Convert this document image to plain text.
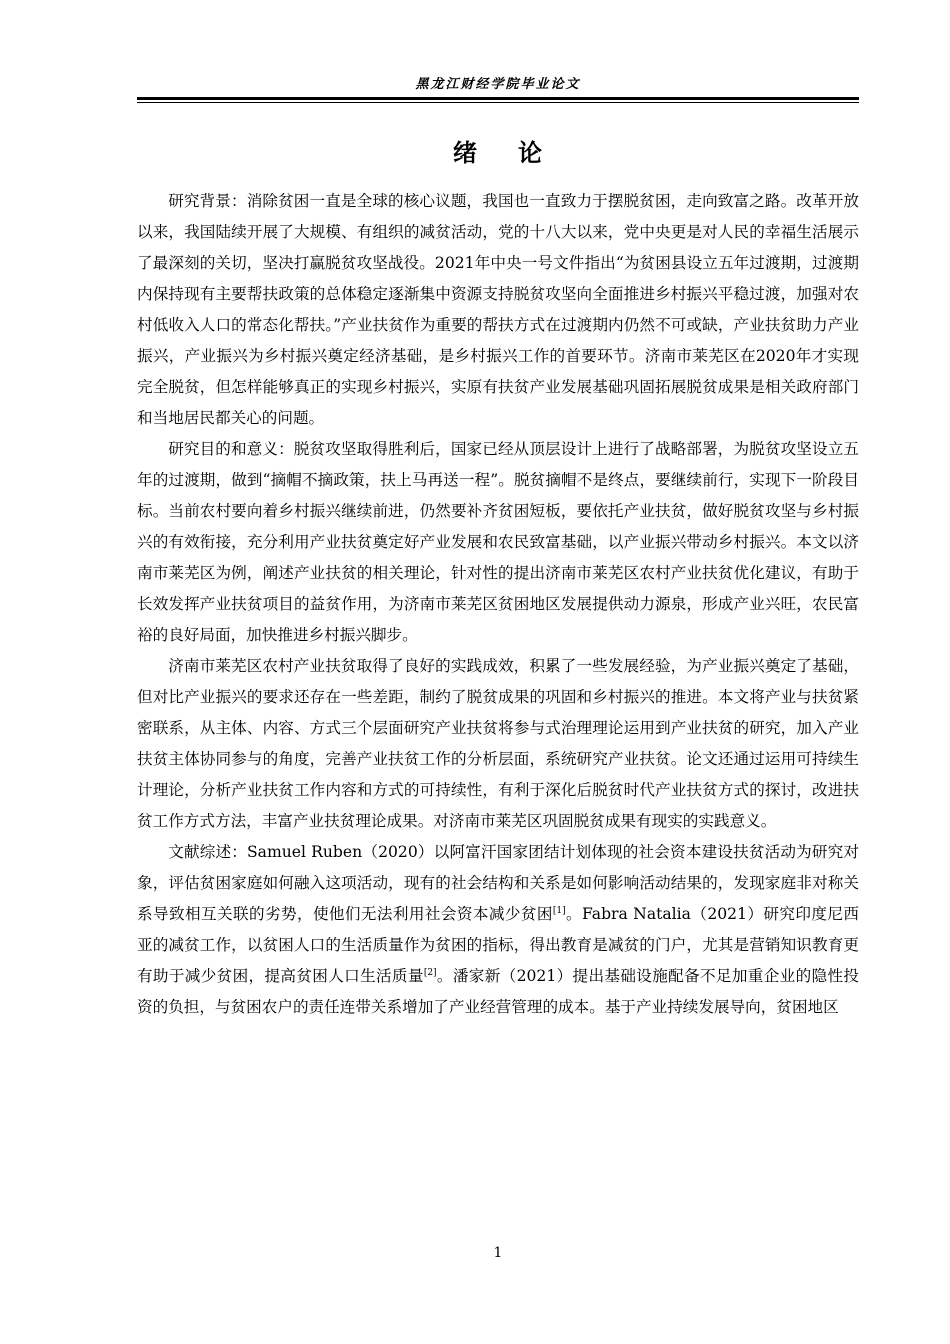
黑龙江财经学院毕业论文
绪 论

研究背景：消除贫困一直是全球的核心议题，我国也一直致力于摆脱贫困，走向致富之路。改革开放以来，我国陆续开展了大规模、有组织的减贫活动，党的十八大以来，党中央更是对人民的幸福生活展示了最深刻的关切，坚决打赢脱贫攻坚战役。2021年中央一号文件指出“为贫困县设立五年过渡期，过渡期内保持现有主要帮扶政策的总体稳定逐渐集中资源支持脱贫攻坚向全面推进乡村振兴平稳过渡，加强对农村低收入人口的常态化帮扶。”产业扶贫作为重要的帮扶方式在过渡期内仍然不可或缺，产业扶贫助力产业振兴，产业振兴为乡村振兴奠定经济基础，是乡村振兴工作的首要环节。济南市莱芜区在2020年才实现完全脱贫，但怎样能够真正的实现乡村振兴，实原有扶贫产业发展基础巩固拓展脱贫成果是相关政府部门和当地居民都关心的问题。

研究目的和意义：脱贫攻坚取得胜利后，国家已经从顶层设计上进行了战略部署，为脱贫攻坚设立五年的过渡期，做到“摘帽不摘政策，扶上马再送一程”。脱贫摘帽不是终点，要继续前行，实现下一阶段目标。当前农村要向着乡村振兴继续前进，仍然要补齐贫困短板，要依托产业扶贫，做好脱贫攻坚与乡村振兴的有效衔接，充分利用产业扶贫奠定好产业发展和农民致富基础，以产业振兴带动乡村振兴。本文以济南市莱芜区为例，阐述产业扶贫的相关理论，针对性的提出济南市莱芜区农村产业扶贫优化建议，有助于长效发挥产业扶贫项目的益贫作用，为济南市莱芜区贫困地区发展提供动力源泉，形成产业兴旺，农民富裕的良好局面，加快推进乡村振兴脚步。

济南市莱芜区农村产业扶贫取得了良好的实践成效，积累了一些发展经验，为产业振兴奠定了基础，但对比产业振兴的要求还存在一些差距，制约了脱贫成果的巩固和乡村振兴的推进。本文将产业与扶贫紧密联系，从主体、内容、方式三个层面研究产业扶贫将参与式治理理论运用到产业扶贫的研究，加入产业扶贫主体协同参与的角度，完善产业扶贫工作的分析层面，系统研究产业扶贫。论文还通过运用可持续生计理论，分析产业扶贫工作内容和方式的可持续性，有利于深化后脱贫时代产业扶贫方式的探讨，改进扶贫工作方式方法，丰富产业扶贫理论成果。对济南市莱芜区巩固脱贫成果有现实的实践意义。

文献综述：Samuel Ruben（2020）以阿富汗国家团结计划体现的社会资本建设扶贫活动为研究对象，评估贫困家庭如何融入这项活动，现有的社会结构和关系是如何影响活动结果的，发现家庭非对称关系导致相互关联的劣势，使他们无法利用社会资本减少贫困[1]。Fabra Natalia（2021）研究印度尼西亚的减贫工作，以贫困人口的生活质量作为贫困的指标，得出教育是减贫的门户，尤其是营销知识教育更有助于减少贫困，提高贫困人口生活质量[2]。潘家新（2021）提出基础设施配备不足加重企业的隐性投资的负担，与贫困农户的责任连带关系增加了产业经营管理的成本。基于产业持续发展导向，贫困地区

1
